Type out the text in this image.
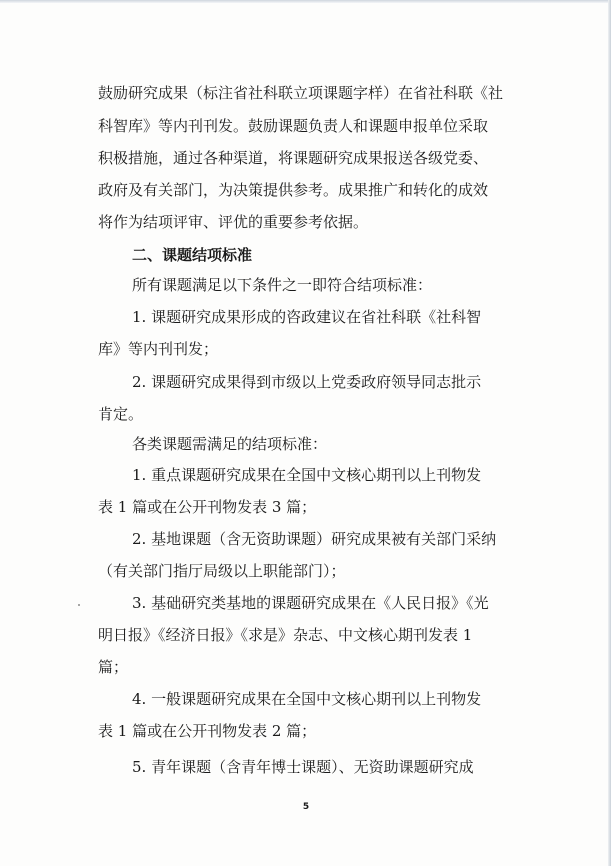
鼓励研究成果（标注省社科联立项课题字样）在省社科联《社
科智库》等内刊刊发。鼓励课题负责人和课题申报单位采取
积极措施，通过各种渠道，将课题研究成果报送各级党委、
政府及有关部门，为决策提供参考。成果推广和转化的成效
将作为结项评审、评优的重要参考依据。
二、课题结项标准
所有课题满足以下条件之一即符合结项标准：
1. 课题研究成果形成的咨政建议在省社科联《社科智
库》等内刊刊发；
2. 课题研究成果得到市级以上党委政府领导同志批示
肯定。
各类课题需满足的结项标准：
1. 重点课题研究成果在全国中文核心期刊以上刊物发
表 1 篇或在公开刊物发表 3 篇；
2. 基地课题（含无资助课题）研究成果被有关部门采纳
（有关部门指厅局级以上职能部门）；
3. 基础研究类基地的课题研究成果在《人民日报》《光
明日报》《经济日报》《求是》杂志、中文核心期刊发表 1
篇；
4. 一般课题研究成果在全国中文核心期刊以上刊物发
表 1 篇或在公开刊物发表 2 篇；
5. 青年课题（含青年博士课题）、无资助课题研究成
5
